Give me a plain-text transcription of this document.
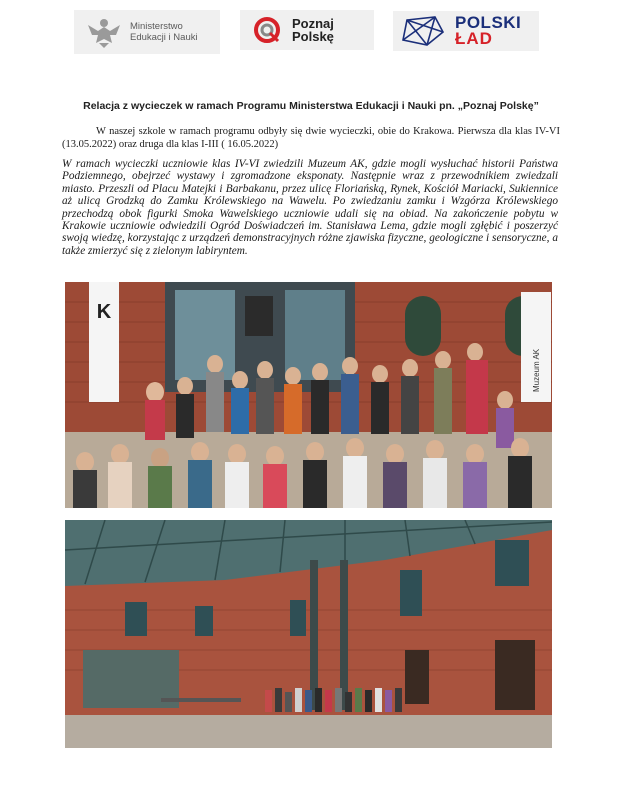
Ministerstwo
Edukacji i Nauki
Poznaj
Polskę
POLSKI
ŁAD
Relacja z wycieczek w ramach Programu Ministerstwa Edukacji i Nauki pn. „Poznaj Polskę”
W naszej szkole w ramach programu odbyły się dwie wycieczki, obie do Krakowa. Pierwsza dla klas IV-VI (13.05.2022) oraz druga dla klas I-III ( 16.05.2022)
W ramach wycieczki uczniowie klas IV-VI zwiedzili Muzeum AK, gdzie mogli wysłuchać historii Państwa Podziemnego, obejrzeć wystawy i zgromadzone eksponaty. Następnie wraz z przewodnikiem zwiedzali miasto. Przeszli od Placu Matejki i Barbakanu, przez ulicę Floriańską, Rynek, Kościół Mariacki, Sukiennice aż ulicą Grodzką do Zamku Królewskiego na Wawelu. Po zwiedzaniu zamku i Wzgórza Królewskiego przechodzą obok figurki Smoka Wawelskiego uczniowie udali się na obiad. Na zakończenie pobytu w Krakowie uczniowie odwiedzili Ogród Doświadczeń im. Stanisława Lema, gdzie mogli zgłębić i poszerzyć swoją wiedzę, korzystając z urządzeń demonstracyjnych różne zjawiska fizyczne, geologiczne i sensoryczne, a także zmierzyć się z zielonym labiryntem.
K
Muzeum AK
